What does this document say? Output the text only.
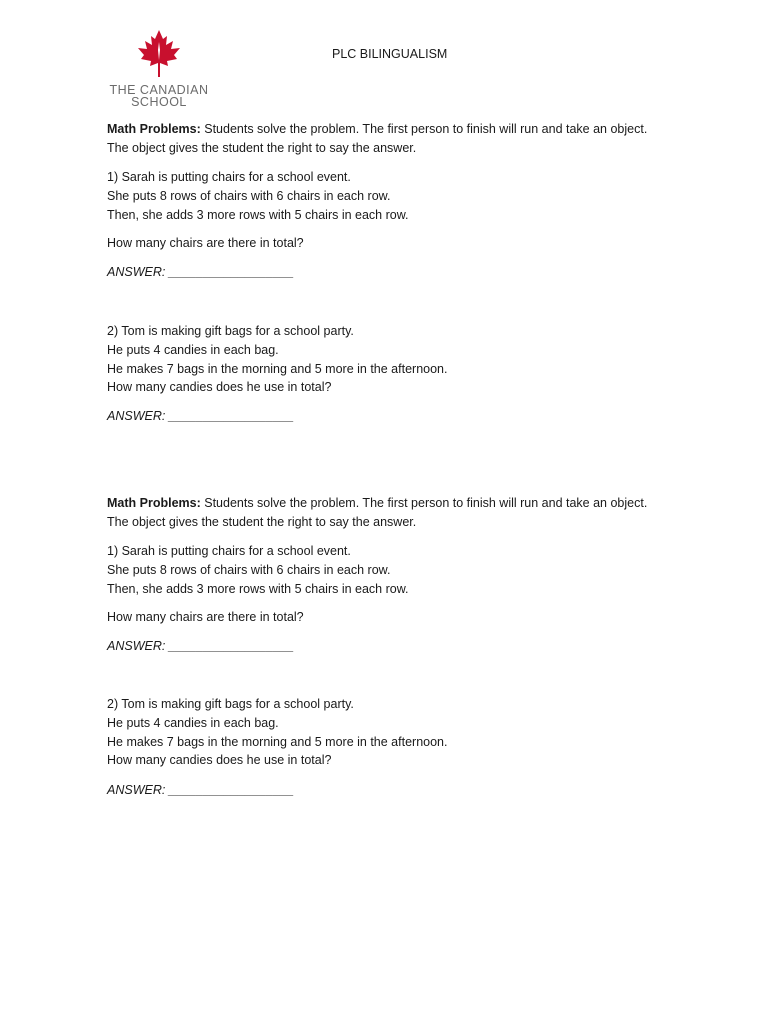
THE CANADIAN
SCHOOL
PLC BILINGUALISM

Math Problems: Students solve the problem. The first person to finish will run and take an object.

The object gives the student the right to say the answer.

1) Sarah is putting chairs for a school event.

She puts 8 rows of chairs with 6 chairs in each row.

Then, she adds 3 more rows with 5 chairs in each row.

How many chairs are there in total?

ANSWER: __________________

2) Tom is making gift bags for a school party.

He puts 4 candies in each bag.

He makes 7 bags in the morning and 5 more in the afternoon.

How many candies does he use in total?

ANSWER: __________________

Math Problems: Students solve the problem. The first person to finish will run and take an object.

The object gives the student the right to say the answer.

1) Sarah is putting chairs for a school event.

She puts 8 rows of chairs with 6 chairs in each row.

Then, she adds 3 more rows with 5 chairs in each row.

How many chairs are there in total?

ANSWER: __________________

2) Tom is making gift bags for a school party.

He puts 4 candies in each bag.

He makes 7 bags in the morning and 5 more in the afternoon.

How many candies does he use in total?

ANSWER: __________________
